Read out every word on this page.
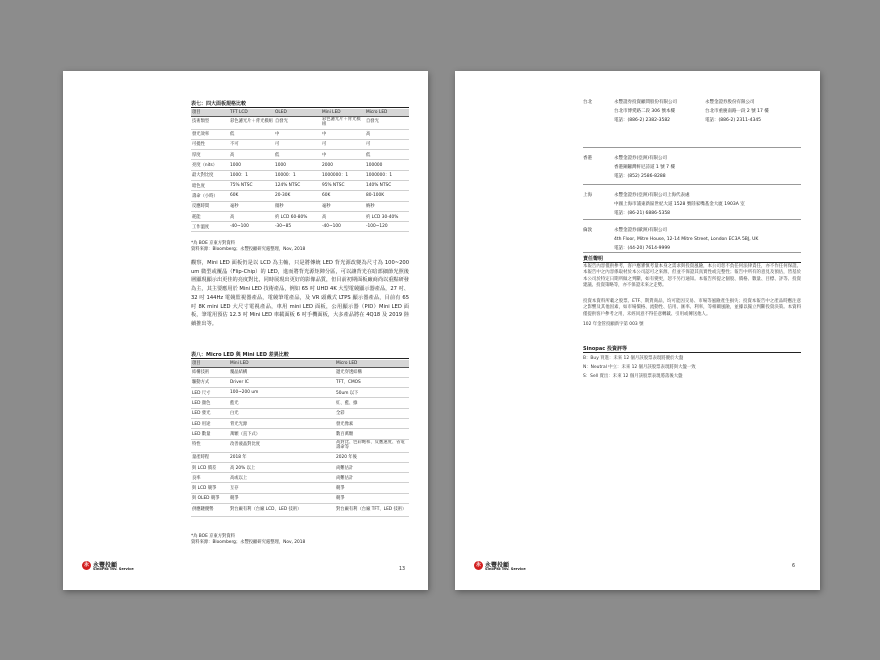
表七：四大面板規格比較
項目	TFT LCD	OLED	Mini LED	Micro LED
技術類型	彩色濾光片＋背光模組	自發光	彩色濾光片＋背光模組	自發光
發光效率	低	中	中	高
可撓性	不可	可	可	可
厚度	高	低	中	低
亮度（nits）	1000	1000	2000	100000
最大對比度	1000：1	10000：1	1000000：1	1000000：1
暗色度	75% NTSC	124% NTSC	95% NTSC	140% NTSC
壽命（小時）	60K	20-30K	60K	80-100K
反應時間	毫秒	微秒	毫秒	納秒
耗能	高	約 LCD 60-80%	高	約 LCD 30-40%
工作溫度	-40~100	-30~85	-40~100	-100~120
*為 BOE 京東方對資料
資料來源：Bloomberg；永豐投顧研究處整理，Nov, 2018
觀察，Mini LED 面板仍是以 LCD 為主軸，只是將傳統 LED 背光源改變為尺寸為 100~200 um 微型或覆晶（Flip-Chip）的 LED，進而將背光源矩陣分區，可以讓背光在暗部細節光照後層顯現顯示出更佳的亮度對比，同時展現出更好的影像品質，但目前初期面板廠商尚以重點研發為主，其主要應用於 Mini LED 技術產品，例如 65 吋 UHD 4K 大型電競顯示器產品，27 吋、32 吋 144Hz 電競監視器產品，電競筆電產品，及 VR 頭戴式 LTPS 顯示器產品，目前有 65 吋 8K mini LED 大尺寸電視產品，車用 mini LED 面板，公用顯示器（PID）Mini LED 面板，筆電用預估 12.3 吋 Mini LED 車載面板 6 吋手機面板，大多產品將在 4Q18 及 2019 陸續推出等。
表八：Micro LED 與 Mini LED 差異比較
項目	Mini LED	Micro LED
結構技術	覆晶結構	邊光穿透結構
驅動方式	Driver IC	TFT、CMOS
LED 尺寸	100~200 um	50um 以下
LED 顏色	藍光	紅、藍、綠
LED 發光	白光	全彩
LED 用途	背光光源	發光像素
LED 數量	萬顆（直下式）	數百萬顆
特性	改善液晶對比度	高對比、色彩飽和、反應速度、省電壽命等
量產時程	2018 年	2020 年後
與 LCD 價差	高 20% 以上	尚難估計
良率	高或以上	尚難估計
與 LCD 競爭	互存	競爭
與 OLED 競爭	競爭	競爭
供應鏈優勢	對台廠有利（台廠 LCD、LED 技術）	對台廠有利（台廠 TFT、LED 技術）
*為 BOE 京東方對資料
資料來源：Bloomberg；永豐投顧研究處整理，Nov, 2018
永 永豐投顧
SinoPac Inv. Service	13
台北	永豐證券投資顧問股份有限公司
台北市博愛路二段 306 號本樓
電話：(886-2) 2382-3582
永豐金證券股份有限公司
台北市重慶南路一段 2 號 17 樓
電話：(886-2) 2311-4345
香港	永豐金證券(亞洲)有限公司
香港銅鑼灣軒尼詩道 1 號 7 樓
電話：(852) 2586-8288
上海	永豐金證券(亞洲)有限公司上海代表處
中國上海市浦東新區世紀大道 1528 號陸家嘴基金大廈 1903A 室
電話：(86-21) 6886-5358
倫敦	永豐金證券(歐洲)有限公司
4th Floor, Mitre House, 12-14 Mitre Street, London EC3A 5BJ, UK
電話：(44-20) 7614-9999
責任聲明
本報告內容僅供參考，客戶應審慎考量本身之需求與投資風險，本公司恕不負任何法律責任，亦不作任何保證。本報告中之內容係取材於本公司認可之來源，但並不保證其真實性或完整性；報告中所有的意見及預估，皆基於本公司於特定日期所做之判斷，如有變更，恕不另行通知。本報告所提之個股、價格、數量、目標、評等、投資建議、投資策略等，亦不保證未來之走勢。
投資本資料所載之股票、ETF、期貨商品，均可能因交易、市場等風險產生損失；投資本報告中之產品時應注意之影響及其他因素，如市場價格、流動性、信用、匯率、利率，等相關風險，並據以獨立判斷投資決策。本資料僅提供客戶參考之用，未經同意不得任意轉載、引用或傳送他人。
102 年金管投顧新字第 003 號
Sinopac 投資評等
B：Buy 買進：未來 12 個月該股票表現將優於大盤
N：Neutral 中立：未來 12 個月該股票表現將與大盤一致
S：Sell 賣出：未來 12 個月該股票表現將落後大盤
永 永豐投顧
SinoPac Inv. Service	6
